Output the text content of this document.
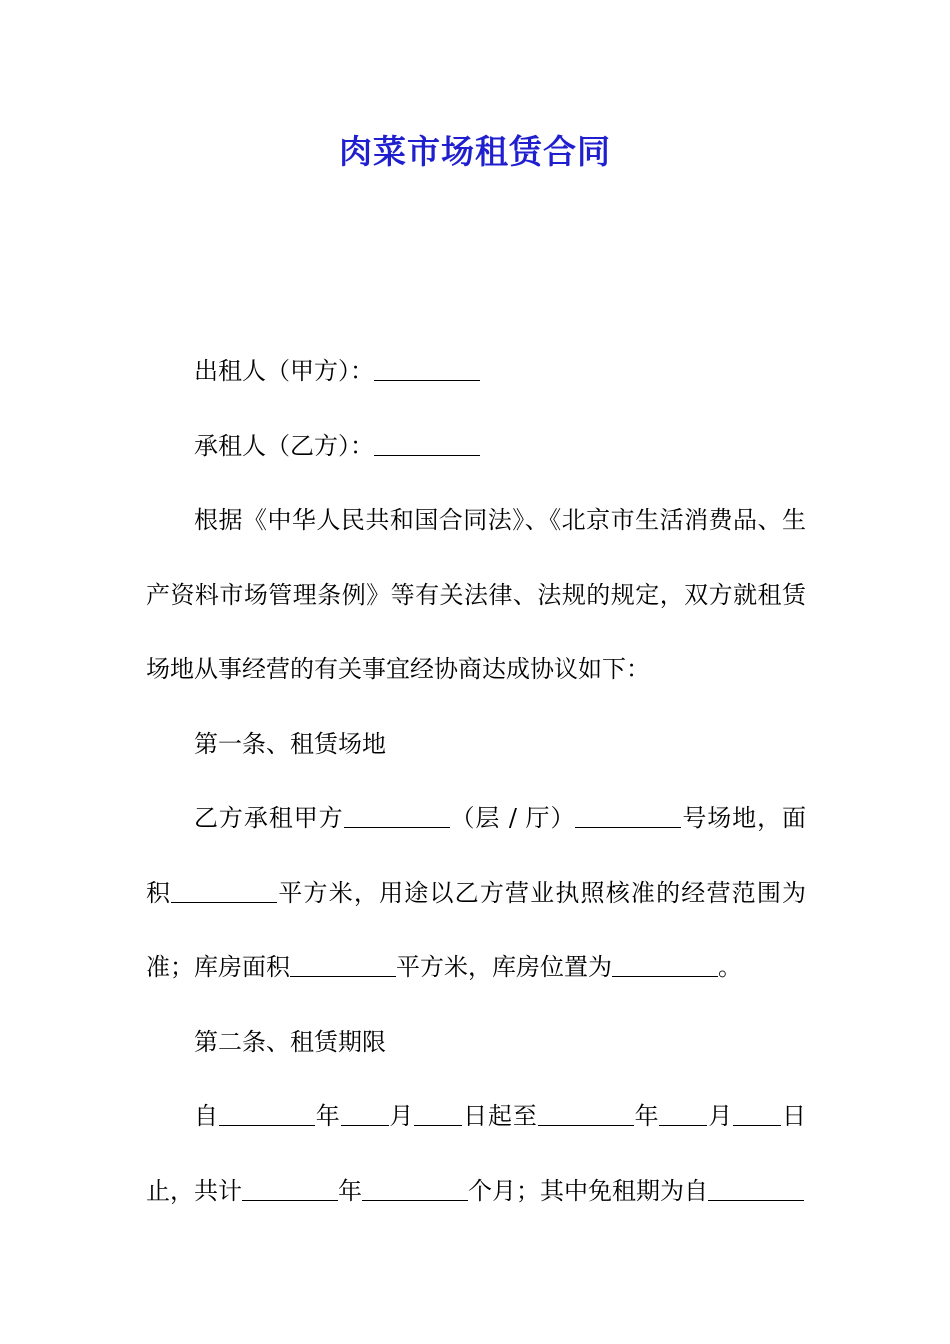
肉菜市场租赁合同

出租人（甲方）：

承租人（乙方）：

根据《中华人民共和国合同法》、《北京市生活消费品、生产资料市场管理条例》等有关法律、法规的规定，双方就租赁场地从事经营的有关事宜经协商达成协议如下：

第一条、租赁场地

乙方承租甲方	（层 / 厅）	号场地，面积	平方米，用途以乙方营业执照核准的经营范围为准；库房面积	平方米，库房位置为	。

第二条、租赁期限

自	年 月 日起至	年 月 日止，共计	年	个月；其中免租期为自
